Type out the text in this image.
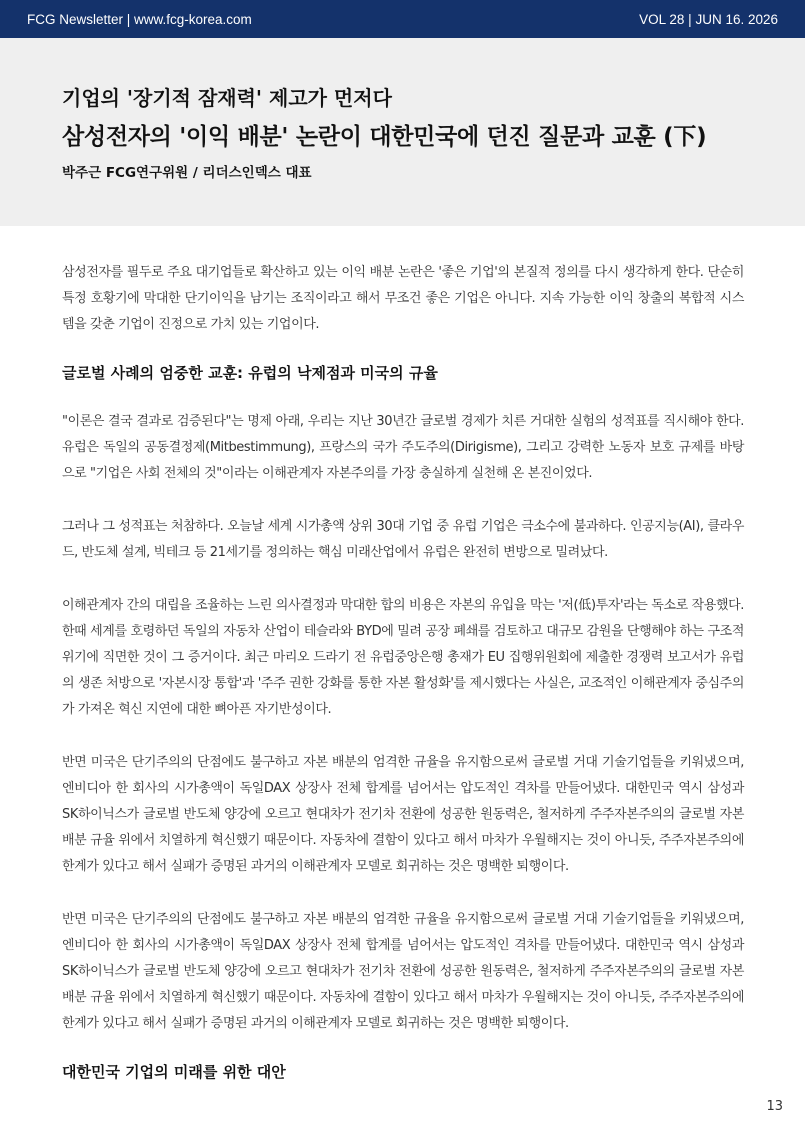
FCG Newsletter | www.fcg-korea.com	VOL 28 | JUN 16. 2026
기업의 '장기적 잠재력' 제고가 먼저다
삼성전자의 '이익 배분' 논란이 대한민국에 던진 질문과 교훈 (下)
박주근 FCG연구위원 / 리더스인덱스 대표

삼성전자를 필두로 주요 대기업들로 확산하고 있는 이익 배분 논란은 '좋은 기업'의 본질적 정의를 다시 생각하게 한다. 단순히 특정 호황기에 막대한 단기이익을 남기는 조직이라고 해서 무조건 좋은 기업은 아니다. 지속 가능한 이익 창출의 복합적 시스템을 갖춘 기업이 진정으로 가치 있는 기업이다.

글로벌 사례의 엄중한 교훈: 유럽의 낙제점과 미국의 규율

"이론은 결국 결과로 검증된다"는 명제 아래, 우리는 지난 30년간 글로벌 경제가 치른 거대한 실험의 성적표를 직시해야 한다. 유럽은 독일의 공동결정제(Mitbestimmung), 프랑스의 국가 주도주의(Dirigisme), 그리고 강력한 노동자 보호 규제를 바탕으로 "기업은 사회 전체의 것"이라는 이해관계자 자본주의를 가장 충실하게 실천해 온 본진이었다.

그러나 그 성적표는 처참하다. 오늘날 세계 시가총액 상위 30대 기업 중 유럽 기업은 극소수에 불과하다. 인공지능(AI), 클라우드, 반도체 설계, 빅테크 등 21세기를 정의하는 핵심 미래산업에서 유럽은 완전히 변방으로 밀려났다.

이해관계자 간의 대립을 조율하는 느린 의사결정과 막대한 합의 비용은 자본의 유입을 막는 '저(低)투자'라는 독소로 작용했다. 한때 세계를 호령하던 독일의 자동차 산업이 테슬라와 BYD에 밀려 공장 폐쇄를 검토하고 대규모 감원을 단행해야 하는 구조적 위기에 직면한 것이 그 증거이다. 최근 마리오 드라기 전 유럽중앙은행 총재가 EU 집행위원회에 제출한 경쟁력 보고서가 유럽의 생존 처방으로 '자본시장 통합'과 '주주 권한 강화를 통한 자본 활성화'를 제시했다는 사실은, 교조적인 이해관계자 중심주의가 가져온 혁신 지연에 대한 뼈아픈 자기반성이다.

반면 미국은 단기주의의 단점에도 불구하고 자본 배분의 엄격한 규율을 유지함으로써 글로벌 거대 기술기업들을 키워냈으며, 엔비디아 한 회사의 시가총액이 독일DAX 상장사 전체 합계를 넘어서는 압도적인 격차를 만들어냈다. 대한민국 역시 삼성과 SK하이닉스가 글로벌 반도체 양강에 오르고 현대차가 전기차 전환에 성공한 원동력은, 철저하게 주주자본주의의 글로벌 자본 배분 규율 위에서 치열하게 혁신했기 때문이다. 자동차에 결함이 있다고 해서 마차가 우월해지는 것이 아니듯, 주주자본주의에 한계가 있다고 해서 실패가 증명된 과거의 이해관계자 모델로 회귀하는 것은 명백한 퇴행이다.

반면 미국은 단기주의의 단점에도 불구하고 자본 배분의 엄격한 규율을 유지함으로써 글로벌 거대 기술기업들을 키워냈으며, 엔비디아 한 회사의 시가총액이 독일DAX 상장사 전체 합계를 넘어서는 압도적인 격차를 만들어냈다. 대한민국 역시 삼성과 SK하이닉스가 글로벌 반도체 양강에 오르고 현대차가 전기차 전환에 성공한 원동력은, 철저하게 주주자본주의의 글로벌 자본 배분 규율 위에서 치열하게 혁신했기 때문이다. 자동차에 결함이 있다고 해서 마차가 우월해지는 것이 아니듯, 주주자본주의에 한계가 있다고 해서 실패가 증명된 과거의 이해관계자 모델로 회귀하는 것은 명백한 퇴행이다.

대한민국 기업의 미래를 위한 대안

13
